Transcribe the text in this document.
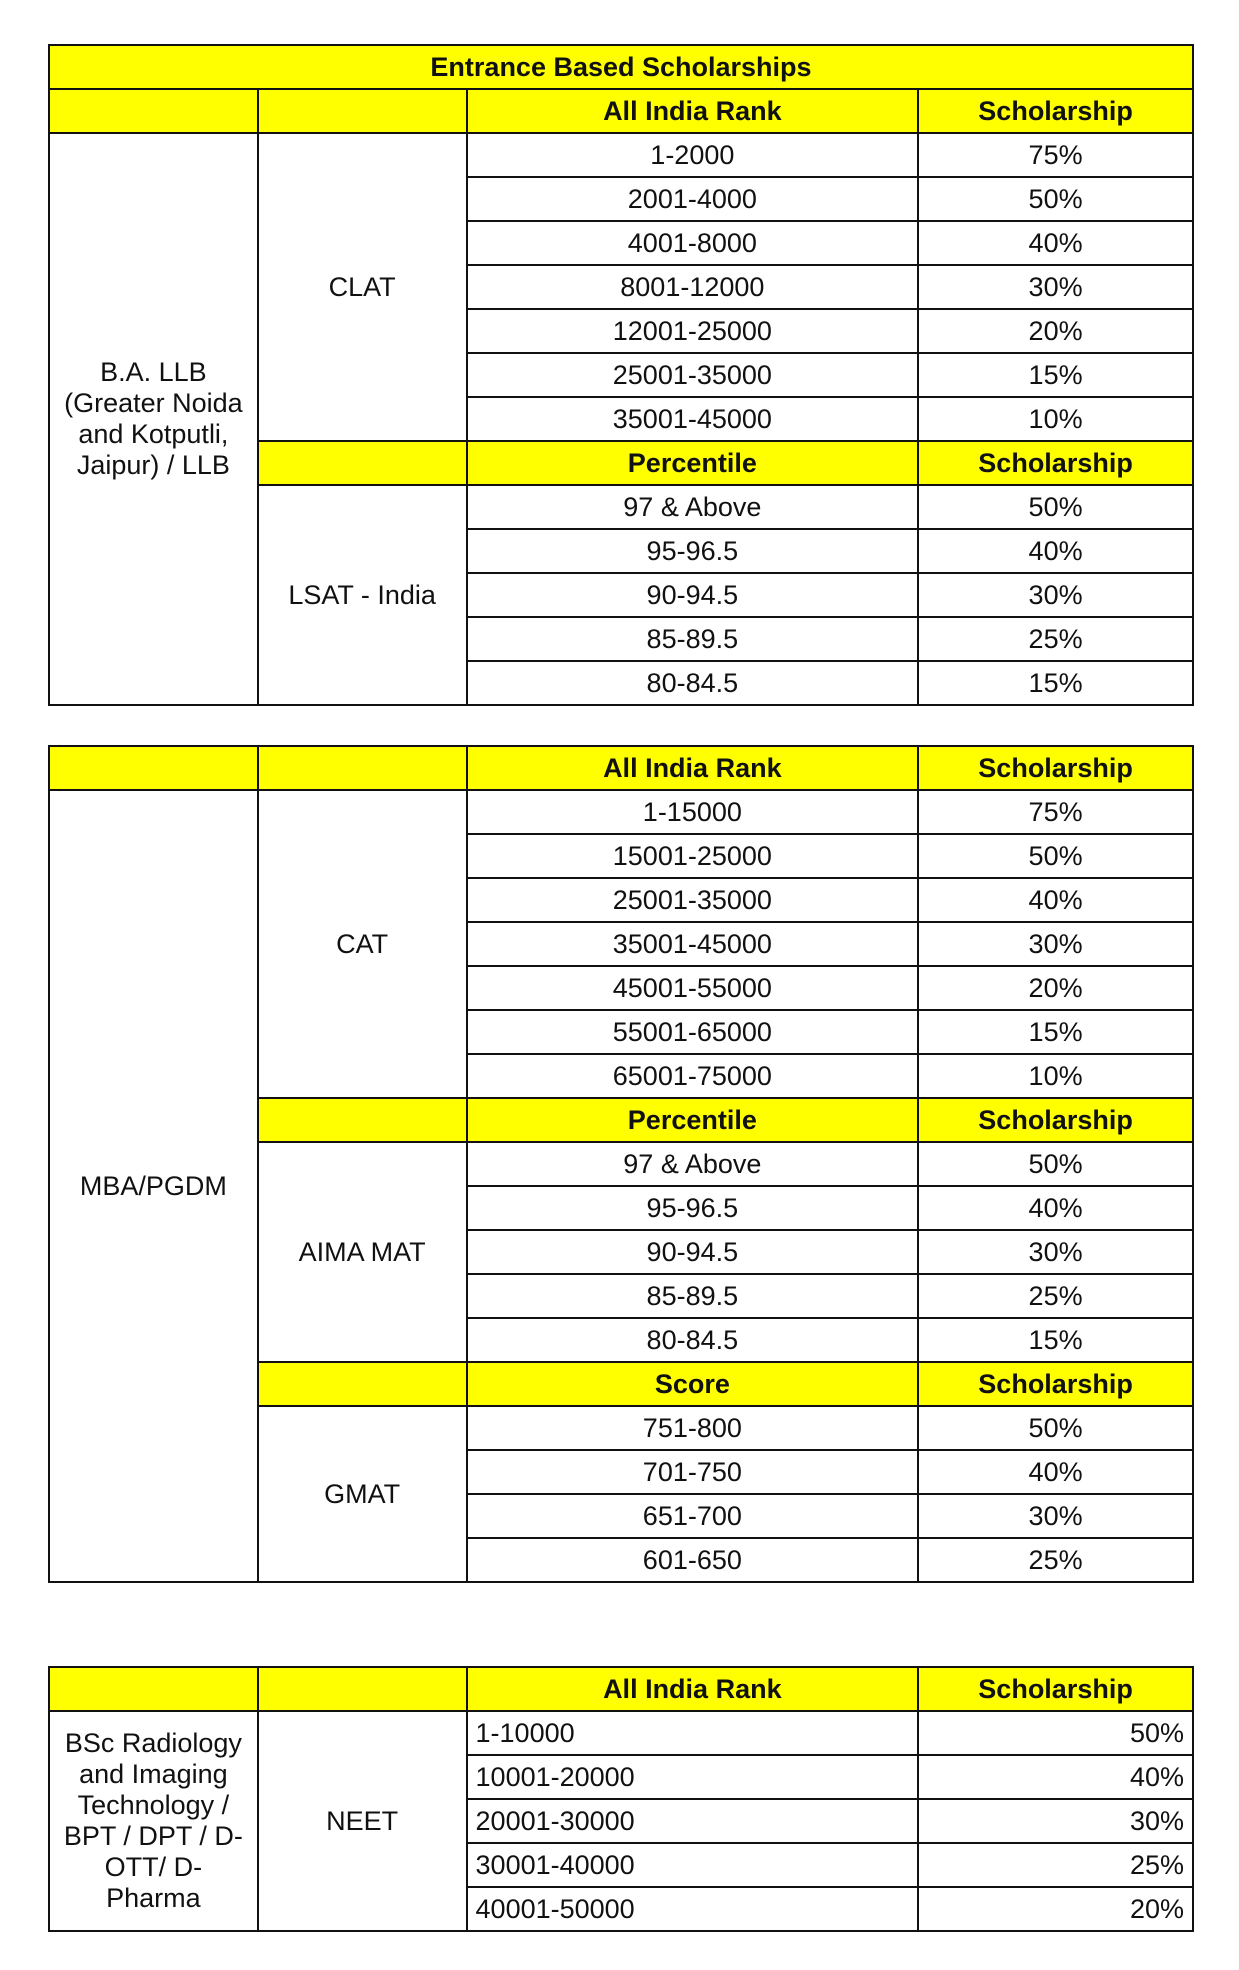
Entrance Based Scholarships			
		All India Rank	Scholarship
B.A. LLB (Greater Noida and Kotputli, Jaipur) / LLB	CLAT	1-2000	75%
		2001-4000	50%
		4001-8000	40%
		8001-12000	30%
		12001-25000	20%
		25001-35000	15%
		35001-45000	10%
		Percentile	Scholarship
	LSAT - India	97 & Above	50%
		95-96.5	40%
		90-94.5	30%
		85-89.5	25%
		80-84.5	15%
		All India Rank	Scholarship
MBA/PGDM	CAT	1-15000	75%
		15001-25000	50%
		25001-35000	40%
		35001-45000	30%
		45001-55000	20%
		55001-65000	15%
		65001-75000	10%
		Percentile	Scholarship
	AIMA MAT	97 & Above	50%
		95-96.5	40%
		90-94.5	30%
		85-89.5	25%
		80-84.5	15%
		Score	Scholarship
	GMAT	751-800	50%
		701-750	40%
		651-700	30%
		601-650	25%
		All India Rank	Scholarship
BSc Radiology and Imaging Technology / BPT / DPT / D-OTT/ D-Pharma	NEET	1-10000	50%
		10001-20000	40%
		20001-30000	30%
		30001-40000	25%
		40001-50000	20%
